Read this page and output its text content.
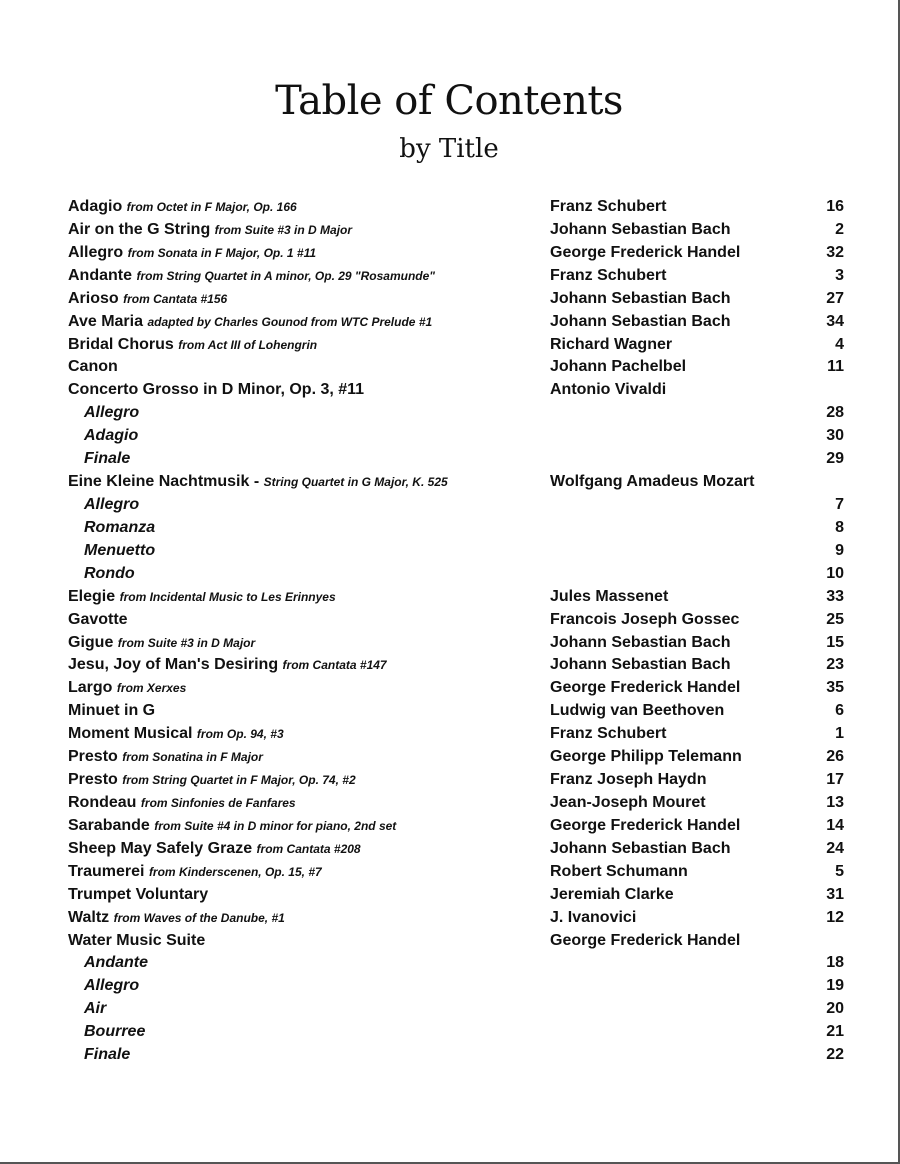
Table of Contents
by Title
Adagio from Octet in F Major, Op. 166	Franz Schubert	16
Air on the G String from Suite #3 in D Major	Johann Sebastian Bach	2
Allegro from Sonata in F Major, Op. 1 #11	George Frederick Handel	32
Andante from String Quartet in A minor, Op. 29 "Rosamunde"	Franz Schubert	3
Arioso from Cantata #156	Johann Sebastian Bach	27
Ave Maria adapted by Charles Gounod from WTC Prelude #1	Johann Sebastian Bach	34
Bridal Chorus from Act III of Lohengrin	Richard Wagner	4
Canon	Johann Pachelbel	11
Concerto Grosso in D Minor, Op. 3, #11	Antonio Vivaldi
Allegro	28
Adagio	30
Finale	29
Eine Kleine Nachtmusik - String Quartet in G Major, K. 525	Wolfgang Amadeus Mozart
Allegro	7
Romanza	8
Menuetto	9
Rondo	10
Elegie from Incidental Music to Les Erinnyes	Jules Massenet	33
Gavotte	Francois Joseph Gossec	25
Gigue from Suite #3 in D Major	Johann Sebastian Bach	15
Jesu, Joy of Man's Desiring from Cantata #147	Johann Sebastian Bach	23
Largo from Xerxes	George Frederick Handel	35
Minuet in G	Ludwig van Beethoven	6
Moment Musical from Op. 94, #3	Franz Schubert	1
Presto from Sonatina in F Major	George Philipp Telemann	26
Presto from String Quartet in F Major, Op. 74, #2	Franz Joseph Haydn	17
Rondeau from Sinfonies de Fanfares	Jean-Joseph Mouret	13
Sarabande from Suite #4 in D minor for piano, 2nd set	George Frederick Handel	14
Sheep May Safely Graze from Cantata #208	Johann Sebastian Bach	24
Traumerei from Kinderscenen, Op. 15, #7	Robert Schumann	5
Trumpet Voluntary	Jeremiah Clarke	31
Waltz from Waves of the Danube, #1	J. Ivanovici	12
Water Music Suite	George Frederick Handel
Andante	18
Allegro	19
Air	20
Bourree	21
Finale	22
